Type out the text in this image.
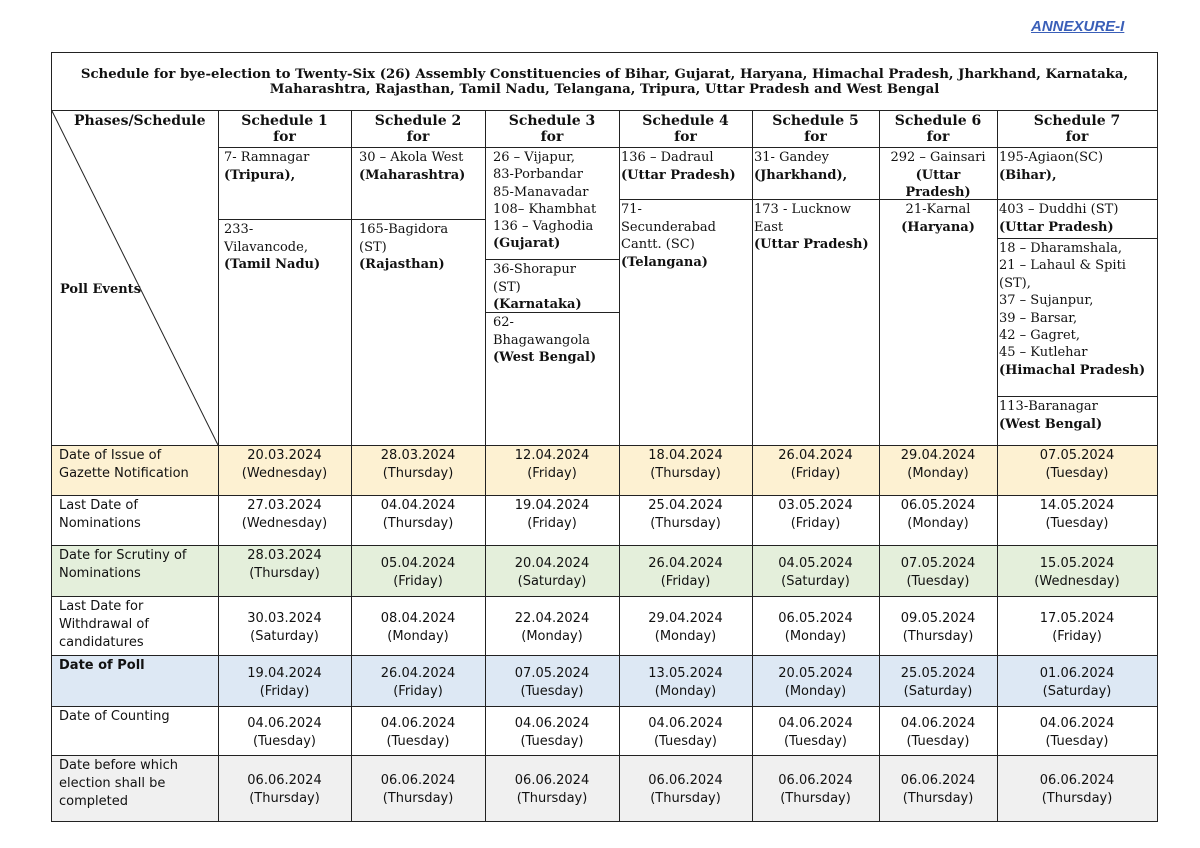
ANNEXURE-I
Schedule for bye-election to Twenty-Six (26) Assembly Constituencies of Bihar, Gujarat, Haryana, Himachal Pradesh, Jharkhand, Karnataka,
Maharashtra, Rajasthan, Tamil Nadu, Telangana, Tripura, Uttar Pradesh and West Bengal
Phases/Schedule
Poll Events
Schedule 1
for
Schedule 2
for
Schedule 3
for
Schedule 4
for
Schedule 5
for
Schedule 6
for
Schedule 7
for
7- Ramnagar
(Tripura),
233-
Vilavancode,
(Tamil Nadu)
30 – Akola West
(Maharashtra)
165-Bagidora
(ST)
(Rajasthan)
26 – Vijapur,
83-Porbandar
85-Manavadar
108– Khambhat
136 – Vaghodia
(Gujarat)
36-Shorapur
(ST)
(Karnataka)
62-
Bhagawangola
(West Bengal)
136 – Dadraul
(Uttar Pradesh)
71-
Secunderabad
Cantt. (SC)
(Telangana)
31- Gandey
(Jharkhand),
173 - Lucknow
East
(Uttar Pradesh)
292 – Gainsari
(Uttar
Pradesh)
21-Karnal
(Haryana)
195-Agiaon(SC)
(Bihar),
403 – Duddhi (ST)
(Uttar Pradesh)
18 – Dharamshala,
21 – Lahaul & Spiti
(ST),
37 – Sujanpur,
39 – Barsar,
42 – Gagret,
45 – Kutlehar
(Himachal Pradesh)
113-Baranagar
(West Bengal)
Date of Issue of
Gazette Notification
20.03.2024
(Wednesday)
28.03.2024
(Thursday)
12.04.2024
(Friday)
18.04.2024
(Thursday)
26.04.2024
(Friday)
29.04.2024
(Monday)
07.05.2024
(Tuesday)
Last Date of
Nominations
27.03.2024
(Wednesday)
04.04.2024
(Thursday)
19.04.2024
(Friday)
25.04.2024
(Thursday)
03.05.2024
(Friday)
06.05.2024
(Monday)
14.05.2024
(Tuesday)
Date for Scrutiny of
Nominations
28.03.2024
(Thursday)
05.04.2024
(Friday)
20.04.2024
(Saturday)
26.04.2024
(Friday)
04.05.2024
(Saturday)
07.05.2024
(Tuesday)
15.05.2024
(Wednesday)
Last Date for
Withdrawal of
candidatures
30.03.2024
(Saturday)
08.04.2024
(Monday)
22.04.2024
(Monday)
29.04.2024
(Monday)
06.05.2024
(Monday)
09.05.2024
(Thursday)
17.05.2024
(Friday)
Date of Poll	19.04.2024
(Friday)
26.04.2024
(Friday)
07.05.2024
(Tuesday)
13.05.2024
(Monday)
20.05.2024
(Monday)
25.05.2024
(Saturday)
01.06.2024
(Saturday)
Date of Counting	04.06.2024
(Tuesday)
04.06.2024
(Tuesday)
04.06.2024
(Tuesday)
04.06.2024
(Tuesday)
04.06.2024
(Tuesday)
04.06.2024
(Tuesday)
04.06.2024
(Tuesday)
Date before which
election shall be
completed
06.06.2024
(Thursday)
06.06.2024
(Thursday)
06.06.2024
(Thursday)
06.06.2024
(Thursday)
06.06.2024
(Thursday)
06.06.2024
(Thursday)
06.06.2024
(Thursday)
